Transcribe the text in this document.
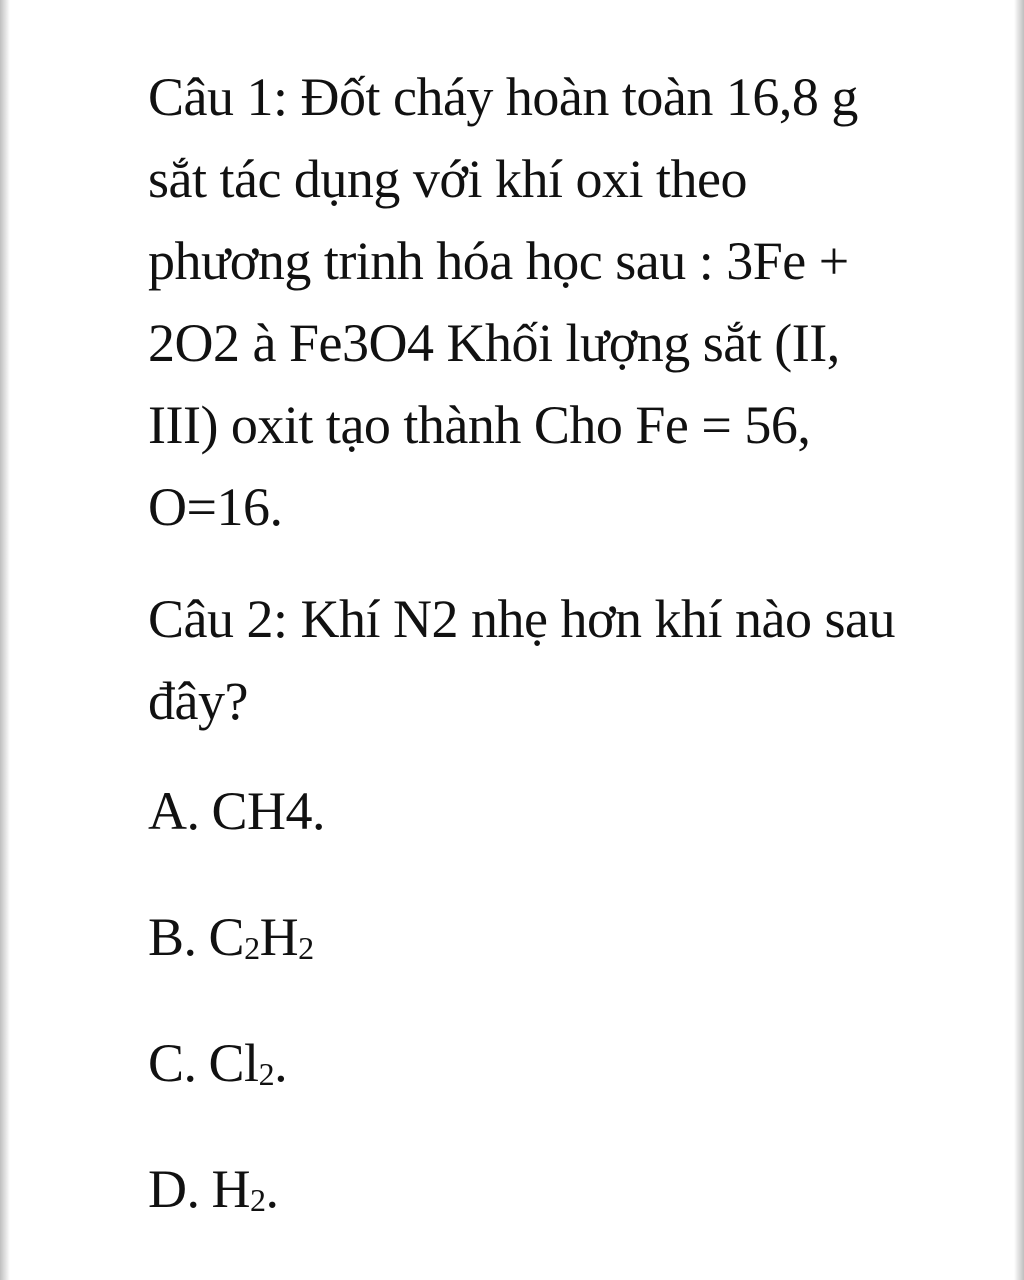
Câu 1: Đốt cháy hoàn toàn 16,8 g sắt tác dụng với khí oxi theo phương trinh hóa học sau : 3Fe + 2O2 à Fe3O4 Khối lượng sắt (II, III) oxit tạo thành Cho Fe = 56, O=16.

Câu 2: Khí N2 nhẹ hơn khí nào sau đây?

A. CH4.

B. $C_2H_2$

C. $Cl_2$.

D. $H_2$.
